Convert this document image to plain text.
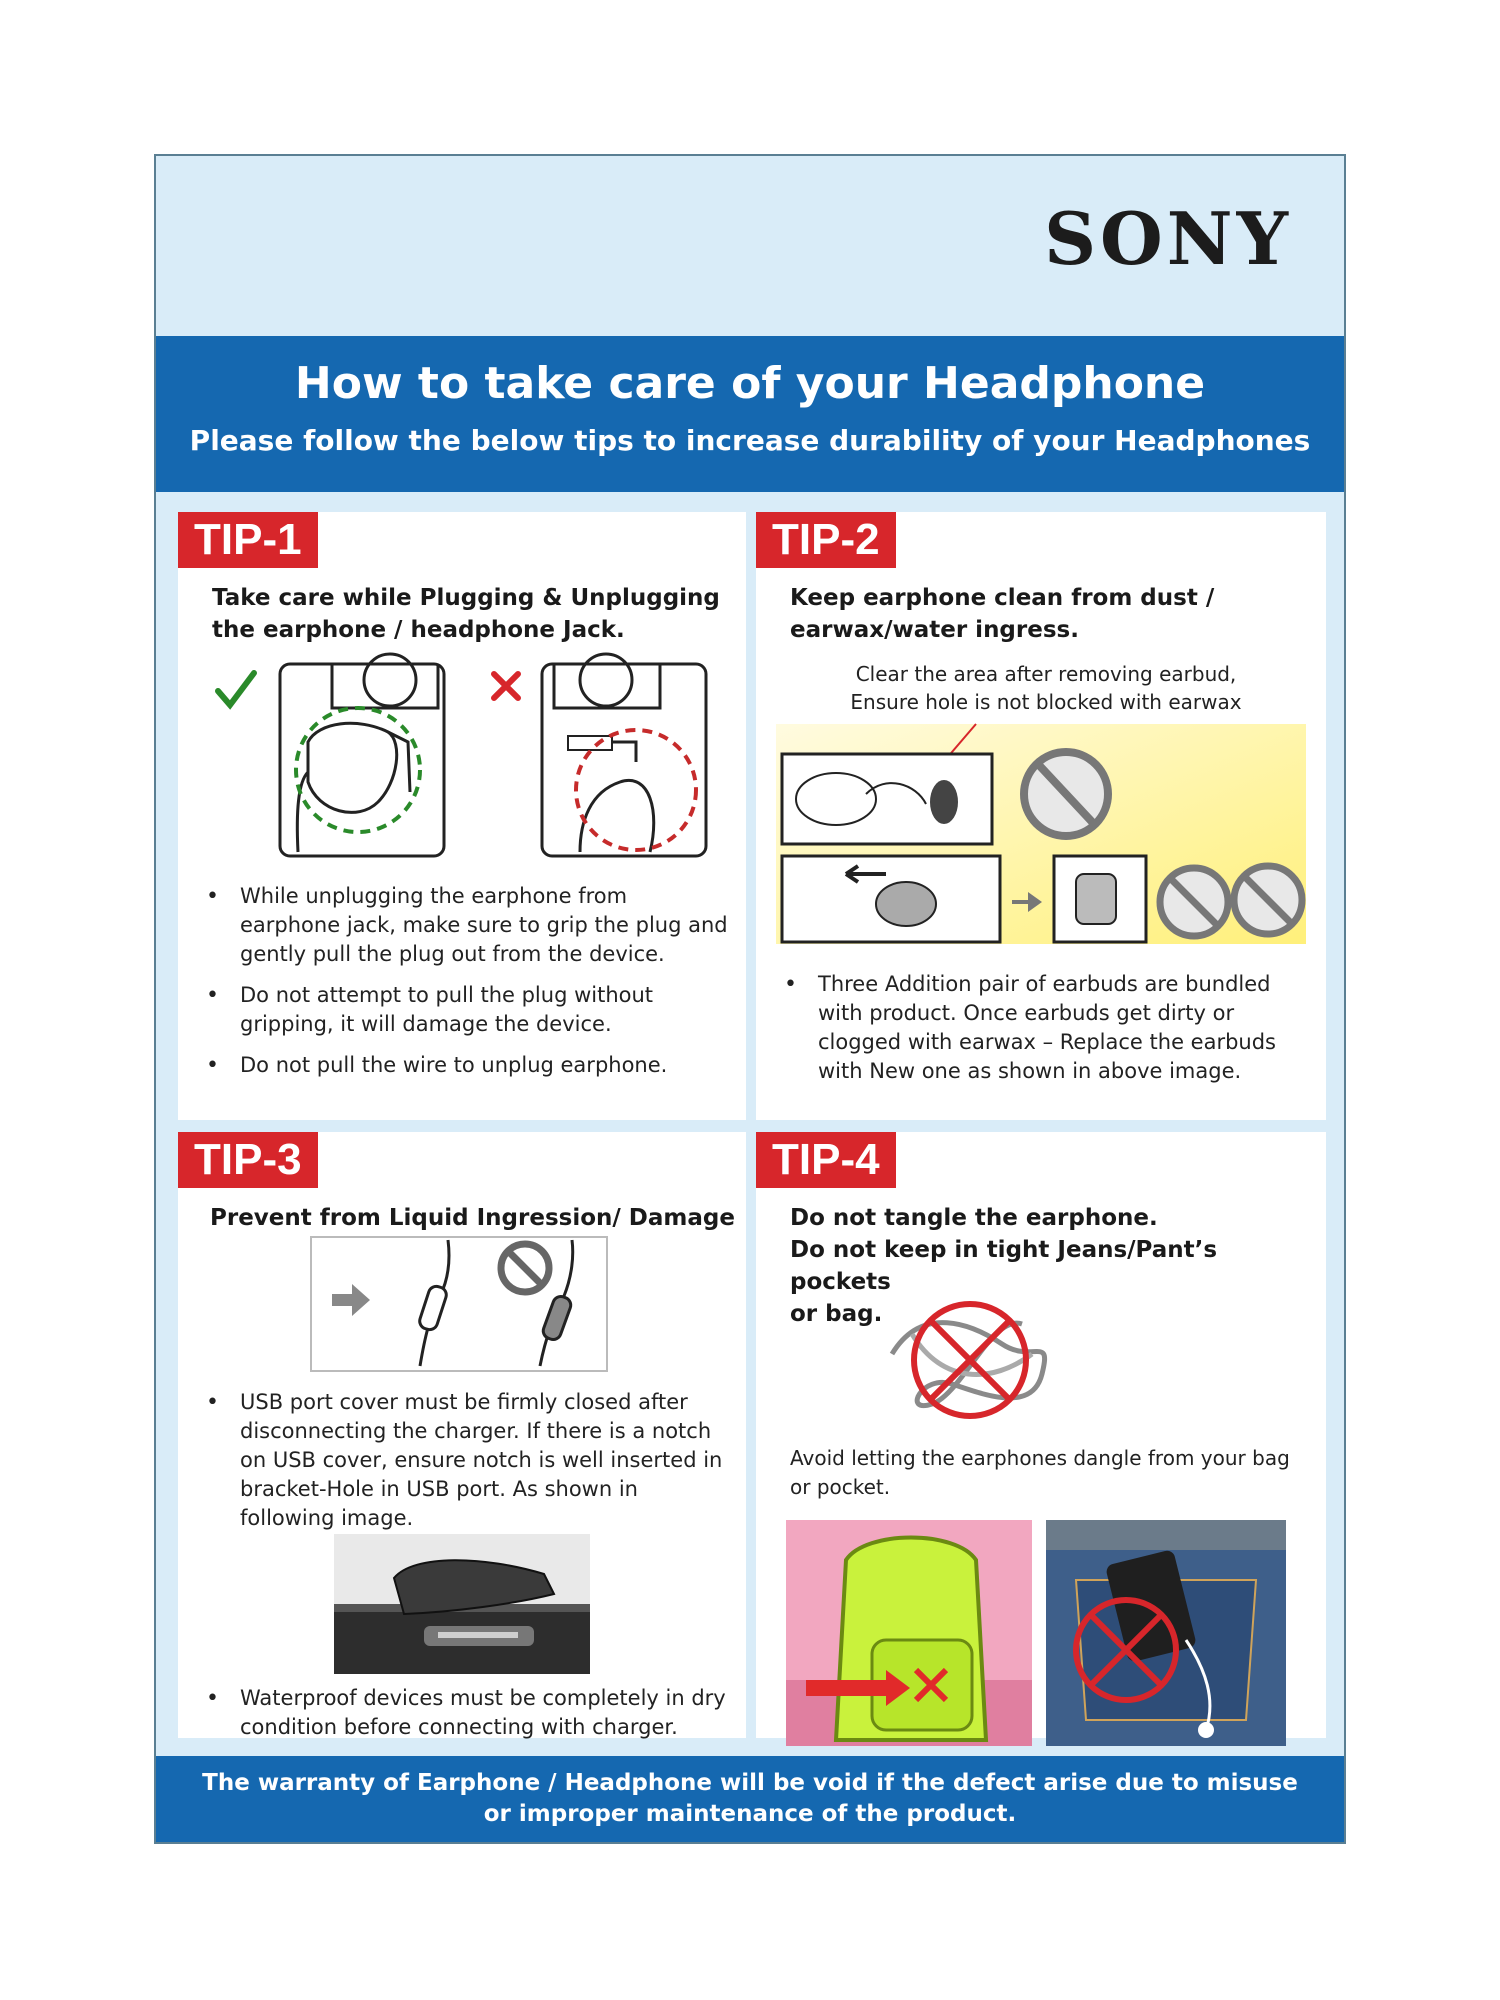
SONY
How to take care of your Headphone
Please follow the below tips to increase durability of your Headphones
TIP-1
Take care while Plugging & Unplugging
the earphone / headphone Jack.
• While unplugging the earphone from earphone jack, make sure to grip the plug and gently pull the plug out from the device.
• Do not attempt to pull the plug without gripping, it will damage the device.
• Do not pull the wire to unplug earphone.
TIP-2
Keep earphone clean from dust /
earwax/water ingress.
Clear the area after removing earbud,
Ensure hole is not blocked with earwax
• Three Addition pair of earbuds are bundled with product. Once earbuds get dirty or clogged with earwax – Replace the earbuds with New one as shown in above image.
TIP-3
Prevent from Liquid Ingression/ Damage
• USB port cover must be firmly closed after disconnecting the charger. If there is a notch on USB cover, ensure notch is well inserted in bracket-Hole in USB port. As shown in following image.
• Waterproof devices must be completely in dry condition before connecting with charger.
TIP-4
Do not tangle the earphone.
Do not keep in tight Jeans/Pant’s pockets
or bag.
Avoid letting the earphones dangle from your bag or pocket.
The warranty of Earphone / Headphone will be void if the defect arise due to misuse
or improper maintenance of the product.
